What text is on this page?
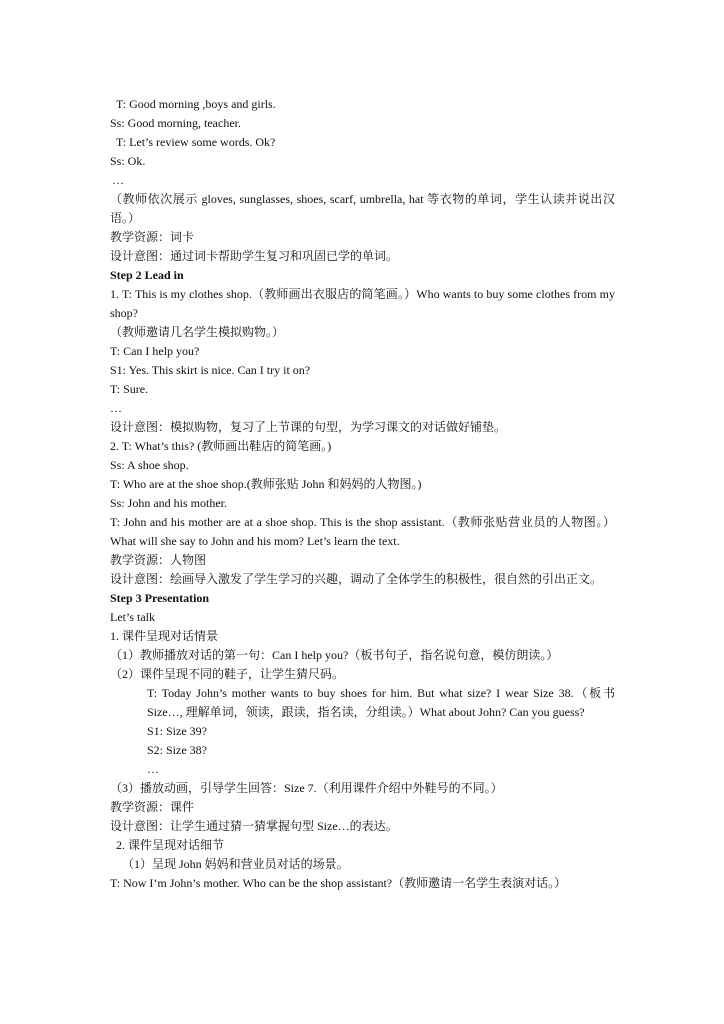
T: Good morning ,boys and girls.
Ss: Good morning, teacher.
T: Let’s review some words. Ok?
Ss: Ok.
…
（教师依次展示 gloves, sunglasses, shoes, scarf, umbrella, hat 等衣物的单词，学生认读并说出汉语。）
教学资源：词卡
设计意图：通过词卡帮助学生复习和巩固已学的单词。
Step 2 Lead in
1. T: This is my clothes shop.（教师画出衣服店的简笔画。）Who wants to buy some clothes from my shop?
（教师邀请几名学生模拟购物。）
T: Can I help you?
S1: Yes. This skirt is nice. Can I try it on?
T: Sure.
…
设计意图：模拟购物，复习了上节课的句型，为学习课文的对话做好铺垫。
2. T: What’s this? (教师画出鞋店的简笔画。)
Ss: A shoe shop.
T: Who are at the shoe shop.(教师张贴 John 和妈妈的人物图。)
Ss: John and his mother.
T: John and his mother are at a shoe shop. This is the shop assistant.（教师张贴营业员的人物图。）What will she say to John and his mom? Let’s learn the text.
教学资源：人物图
设计意图：绘画导入激发了学生学习的兴趣，调动了全体学生的积极性，很自然的引出正文。
Step 3 Presentation
Let’s talk
1. 课件呈现对话情景
（1）教师播放对话的第一句：Can I help you?（板书句子，指名说句意，模仿朗读。）
（2）课件呈现不同的鞋子，让学生猜尺码。
T: Today John’s mother wants to buy shoes for him. But what size? I wear Size 38.（板书 Size…, 理解单词，领读，跟读，指名读，分组读。）What about John? Can you guess?
S1: Size 39?
S2: Size 38?
…
（3）播放动画，引导学生回答：Size 7.（利用课件介绍中外鞋号的不同。）
教学资源：课件
设计意图：让学生通过猜一猜掌握句型 Size…的表达。
2. 课件呈现对话细节
（1）呈现 John 妈妈和营业员对话的场景。
T: Now I’m John’s mother. Who can be the shop assistant?（教师邀请一名学生表演对话。）
